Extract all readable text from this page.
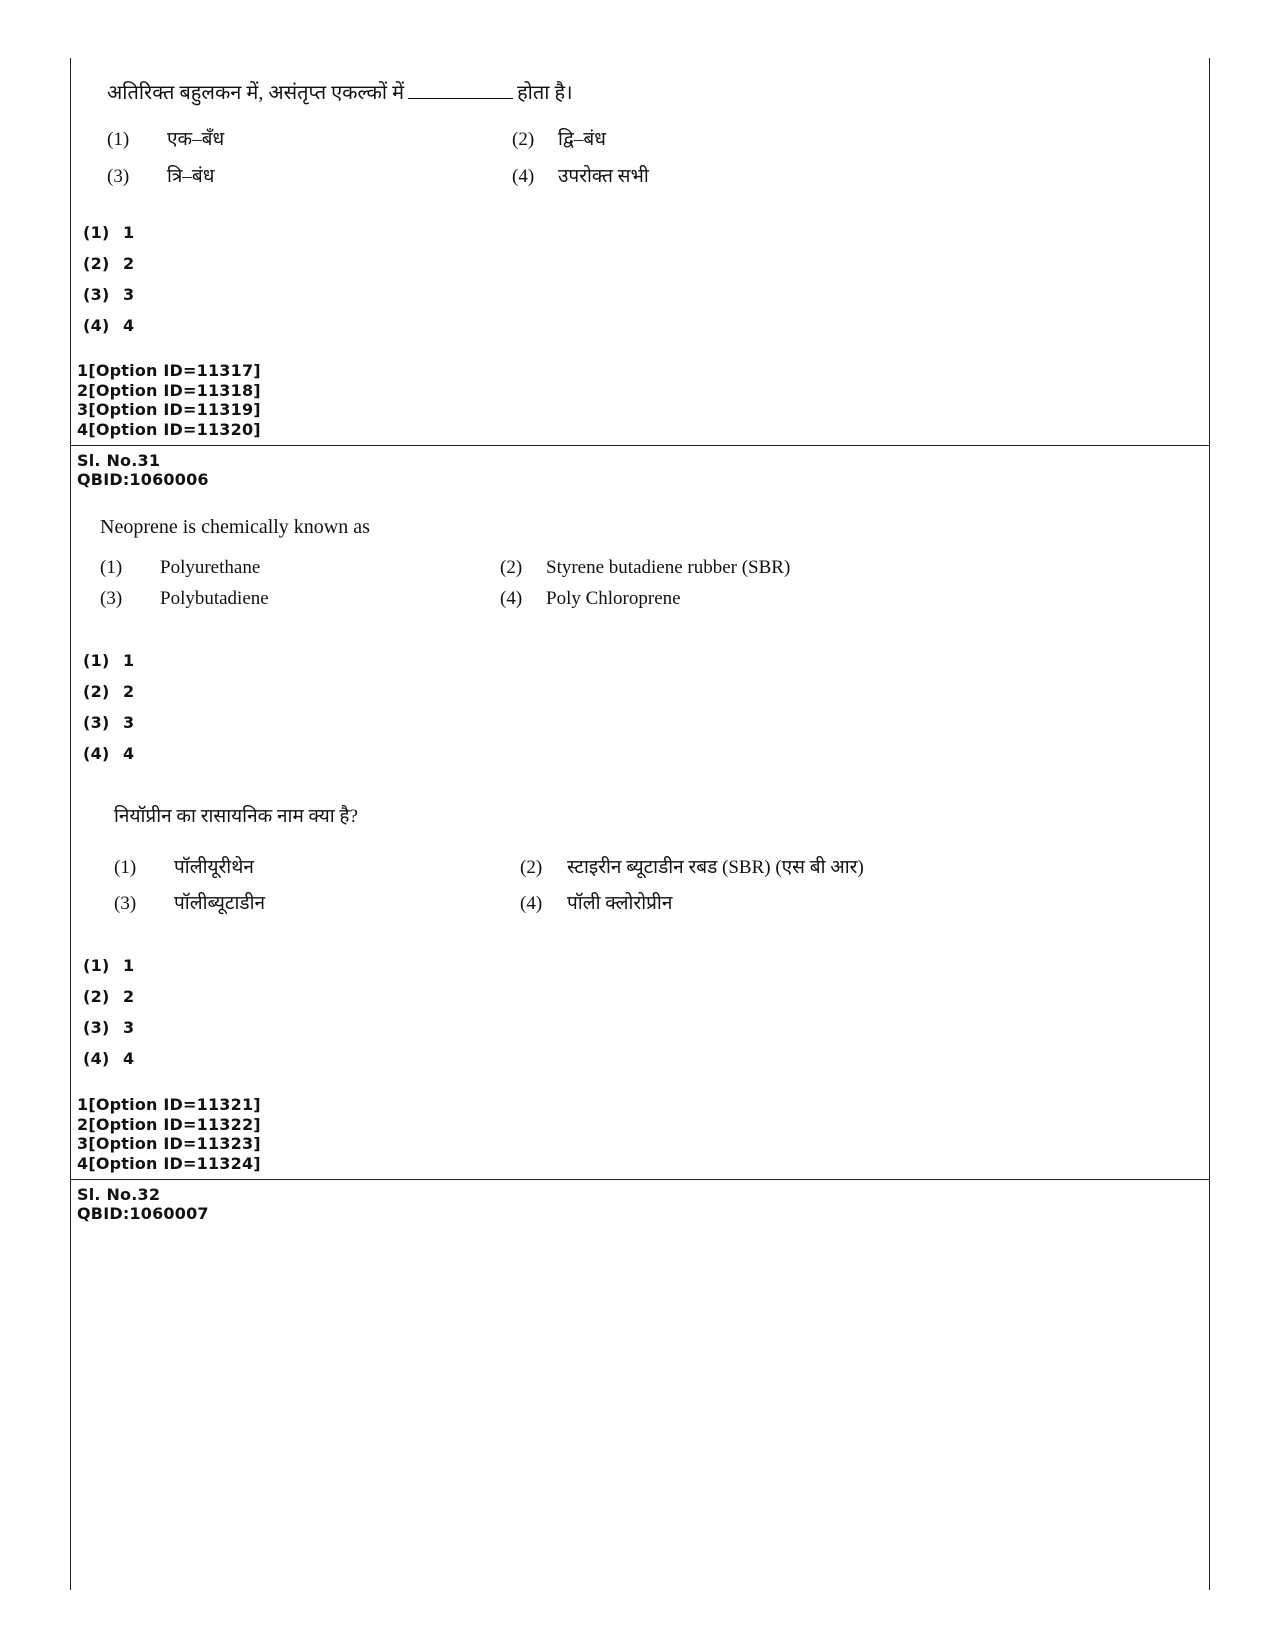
अतिरिक्त बहुलकन में, असंतृप्त एकल्कों में	होता है।
(1) एक–बँध	(2) द्वि–बंध
(3) त्रि–बंध	(4) उपरोक्त सभी
(1) 1
(2) 2
(3) 3
(4) 4
1[Option ID=11317]
2[Option ID=11318]
3[Option ID=11319]
4[Option ID=11320]
Sl. No.31
QBID:1060006
Neoprene is chemically known as
(1) Polyurethane	(2) Styrene butadiene rubber (SBR)
(3) Polybutadiene	(4) Poly Chloroprene
(1) 1
(2) 2
(3) 3
(4) 4
नियॉप्रीन का रासायनिक नाम क्या है?
(1) पॉलीयूरीथेन	(2) स्टाइरीन ब्यूटाडीन रबड (SBR) (एस बी आर)
(3) पॉलीब्यूटाडीन	(4) पॉली क्लोरोप्रीन
(1) 1
(2) 2
(3) 3
(4) 4
1[Option ID=11321]
2[Option ID=11322]
3[Option ID=11323]
4[Option ID=11324]
Sl. No.32
QBID:1060007
